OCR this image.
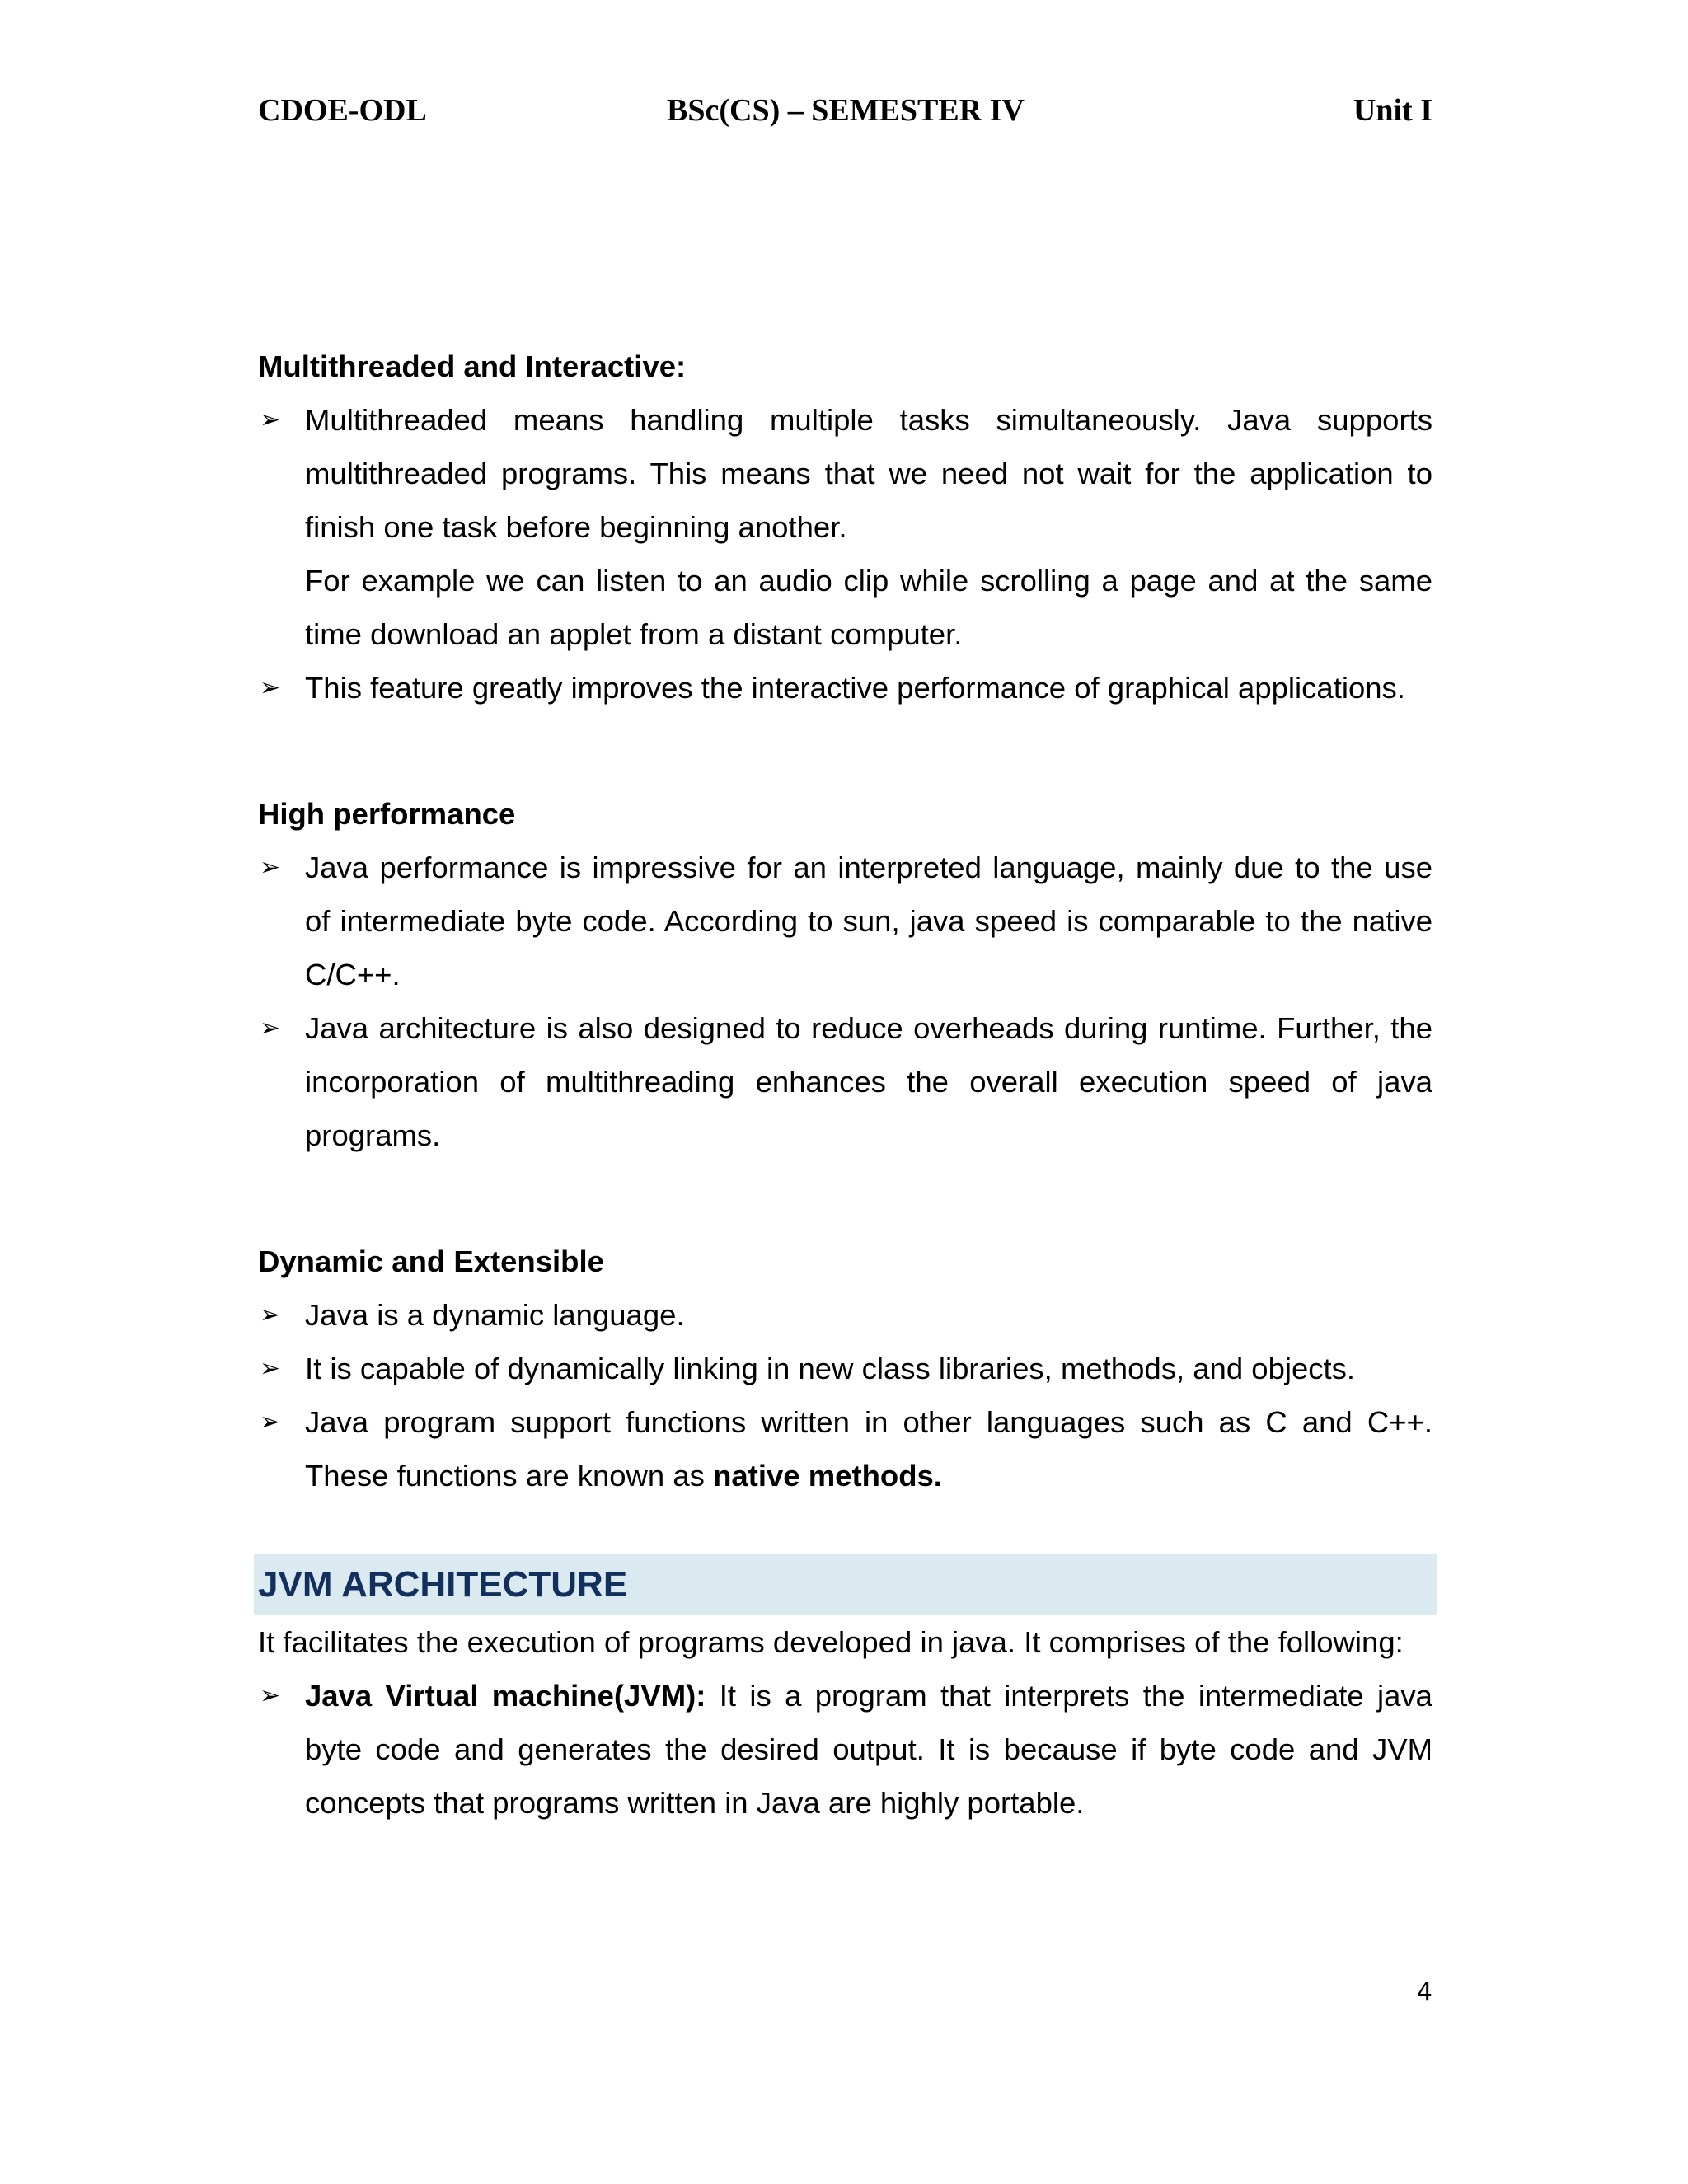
CDOE-ODL	BSc(CS) – SEMESTER IV	Unit I

Multithreaded and Interactive:

➢ Multithreaded means handling multiple tasks simultaneously. Java supports multithreaded programs. This means that we need not wait for the application to finish one task before beginning another.

For example we can listen to an audio clip while scrolling a page and at the same time download an applet from a distant computer.

➢ This feature greatly improves the interactive performance of graphical applications.

High performance

➢ Java performance is impressive for an interpreted language, mainly due to the use of intermediate byte code. According to sun, java speed is comparable to the native C/C++.

➢ Java architecture is also designed to reduce overheads during runtime. Further, the incorporation of multithreading enhances the overall execution speed of java programs.

Dynamic and Extensible

➢ Java is a dynamic language.

➢ It is capable of dynamically linking in new class libraries, methods, and objects.

➢ Java program support functions written in other languages such as C and C++. These functions are known as native methods.

JVM ARCHITECTURE

It facilitates the execution of programs developed in java. It comprises of the following:

➢ Java Virtual machine(JVM): It is a program that interprets the intermediate java byte code and generates the desired output. It is because if byte code and JVM concepts that programs written in Java are highly portable.

4
